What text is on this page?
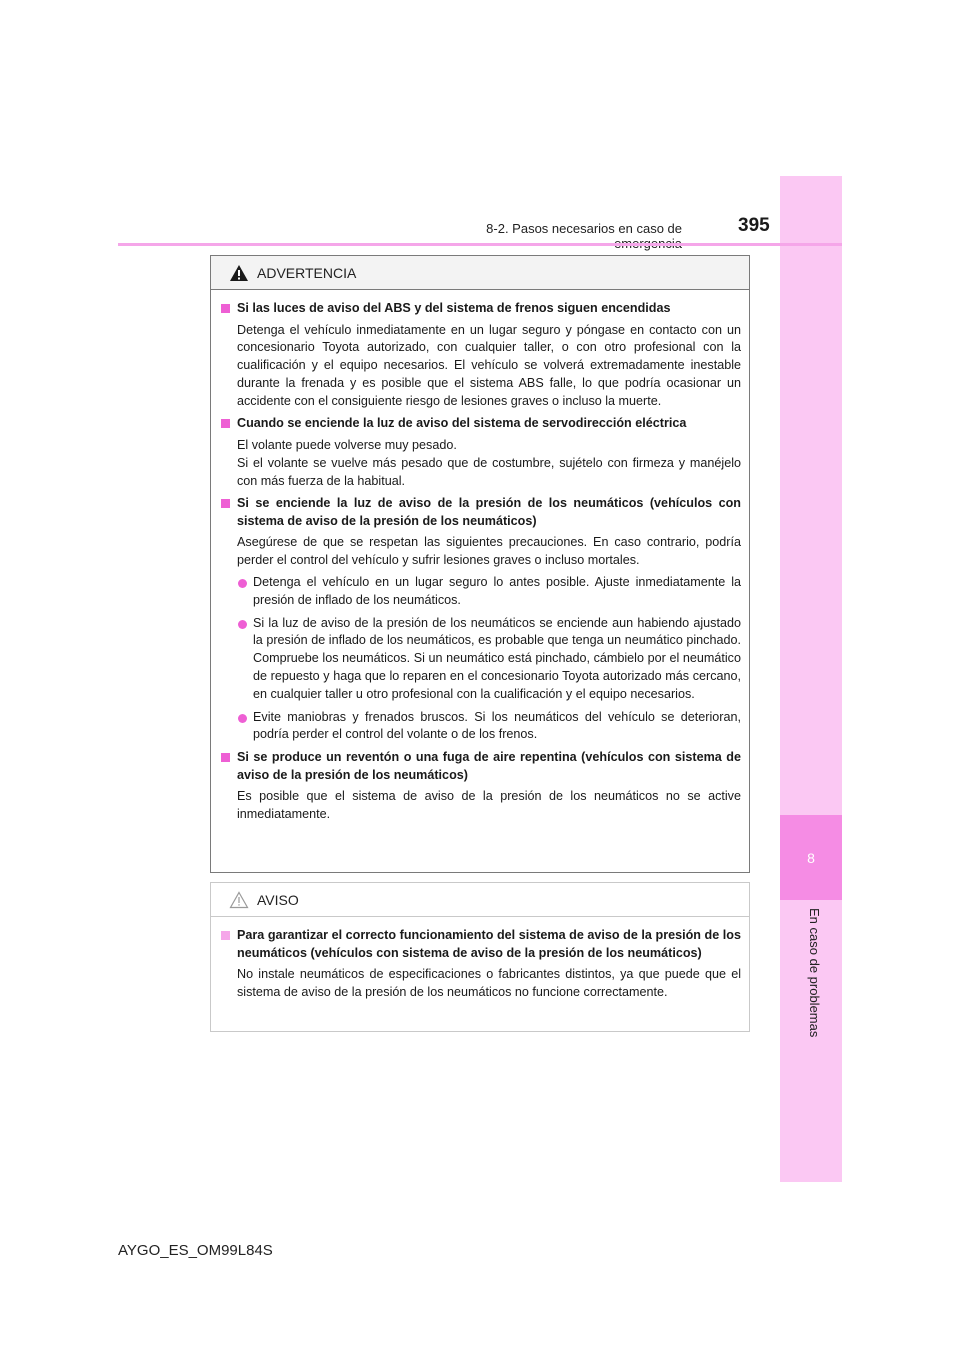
8
En caso de problemas
8-2. Pasos necesarios en caso de	395
ADVERTENCIA
Si las luces de aviso del ABS y del sistema de frenos siguen encendidas
Detenga el vehículo inmediatamente en un lugar seguro y póngase en contacto con un concesionario Toyota autorizado, con cualquier taller, o con otro profesional con la cualificación y el equipo necesarios. El vehículo se volverá extremadamente inestable durante la frenada y es posible que el sistema ABS falle, lo que podría ocasionar un accidente con el consiguiente riesgo de lesiones graves o incluso la muerte.
Cuando se enciende la luz de aviso del sistema de servodirección eléctrica
El volante puede volverse muy pesado.
Si el volante se vuelve más pesado que de costumbre, sujételo con firmeza y manéjelo con más fuerza de la habitual.
Si se enciende la luz de aviso de la presión de los neumáticos (vehículos con sistema de aviso de la presión de los neumáticos)
Asegúrese de que se respetan las siguientes precauciones. En caso contrario, podría perder el control del vehículo y sufrir lesiones graves o incluso mortales.
Detenga el vehículo en un lugar seguro lo antes posible. Ajuste inmediatamente la presión de inflado de los neumáticos.
Si la luz de aviso de la presión de los neumáticos se enciende aun habiendo ajustado la presión de inflado de los neumáticos, es probable que tenga un neumático pinchado. Compruebe los neumáticos. Si un neumático está pinchado, cámbielo por el neumático de repuesto y haga que lo reparen en el concesionario Toyota autorizado más cercano, en cualquier taller u otro profesional con la cualificación y el equipo necesarios.
Evite maniobras y frenados bruscos. Si los neumáticos del vehículo se deterioran, podría perder el control del volante o de los frenos.
Si se produce un reventón o una fuga de aire repentina (vehículos con sistema de aviso de la presión de los neumáticos)
Es posible que el sistema de aviso de la presión de los neumáticos no se active inmediatamente.
AVISO
Para garantizar el correcto funcionamiento del sistema de aviso de la presión de los neumáticos (vehículos con sistema de aviso de la presión de los neumáticos)
No instale neumáticos de especificaciones o fabricantes distintos, ya que puede que el sistema de aviso de la presión de los neumáticos no funcione correctamente.
AYGO_ES_OM99L84S
